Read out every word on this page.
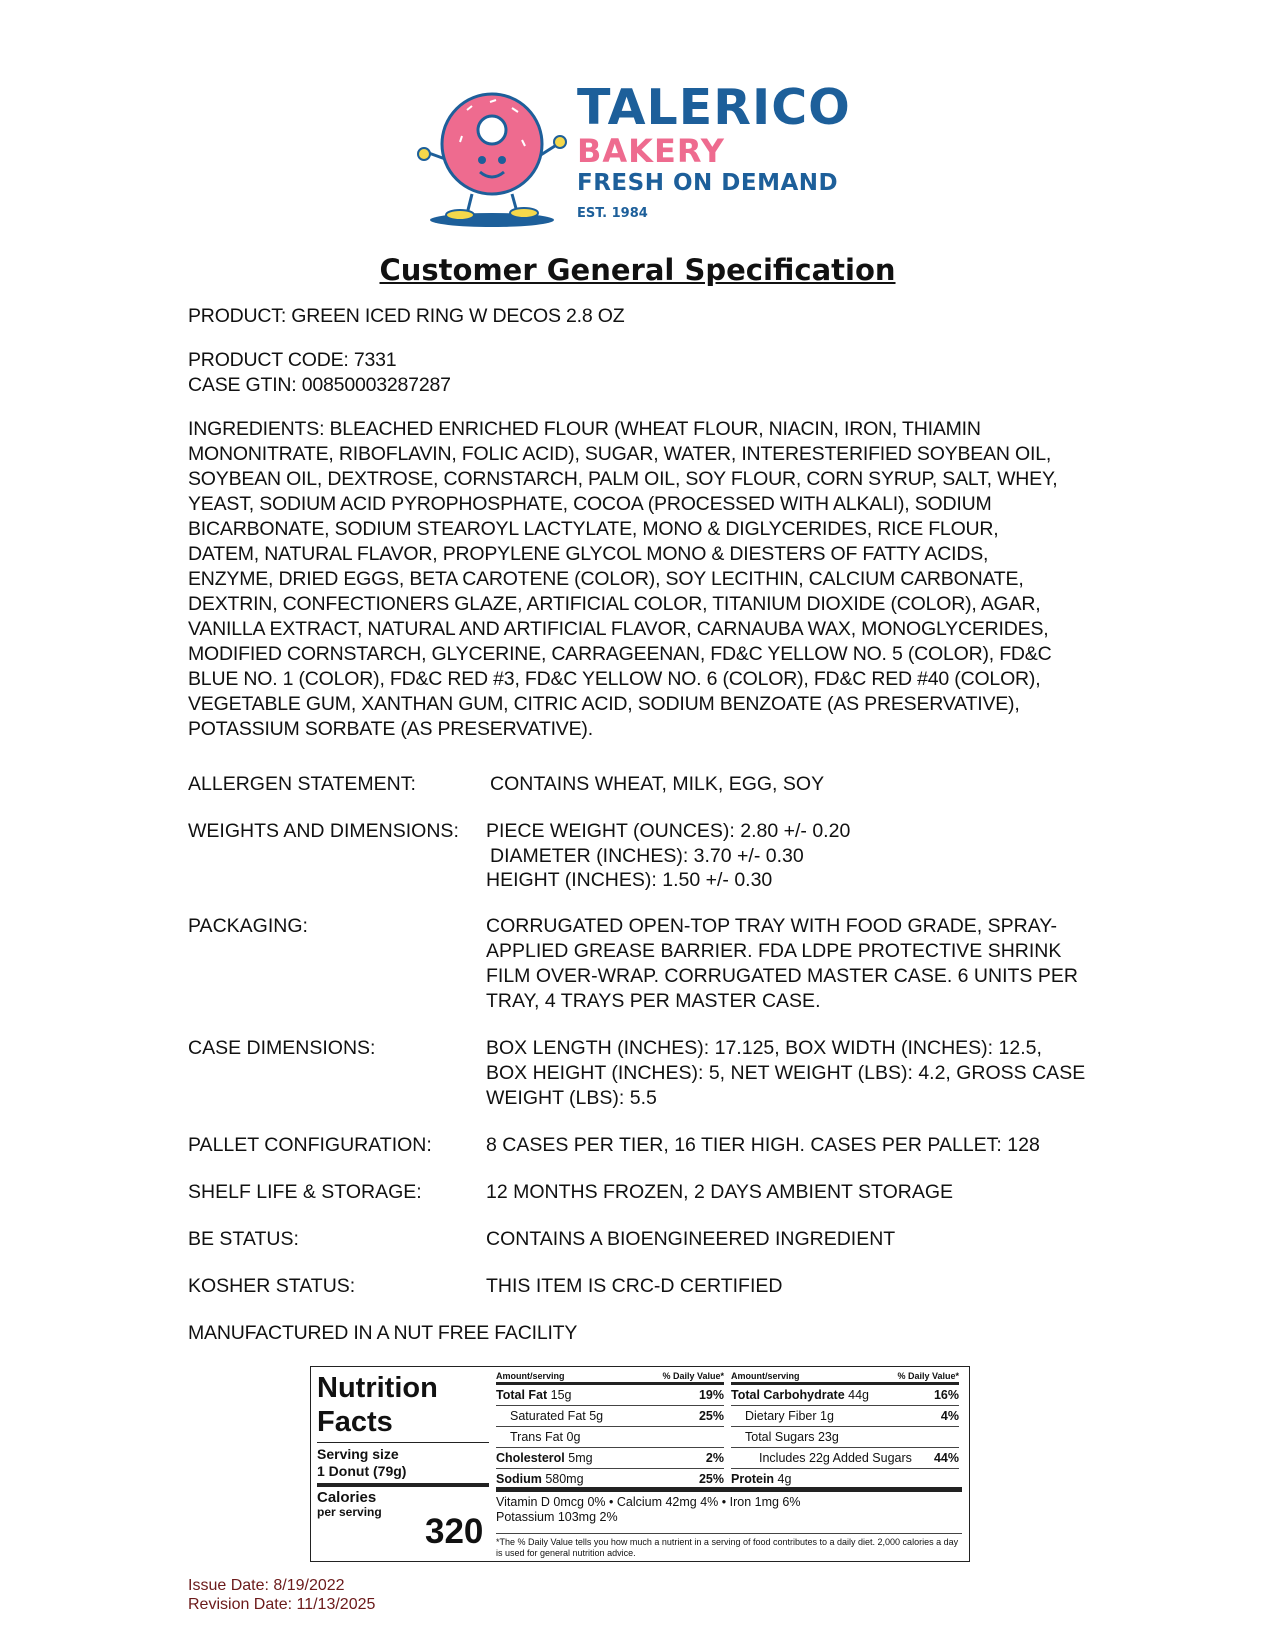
TALERICO
BAKERY
FRESH ON DEMAND
EST. 1984
Customer General Specification
PRODUCT: GREEN ICED RING W DECOS 2.8 OZ
PRODUCT CODE: 7331
CASE GTIN: 00850003287287
INGREDIENTS: BLEACHED ENRICHED FLOUR (WHEAT FLOUR, NIACIN, IRON, THIAMIN MONONITRATE, RIBOFLAVIN, FOLIC ACID), SUGAR, WATER, INTERESTERIFIED SOYBEAN OIL, SOYBEAN OIL, DEXTROSE, CORNSTARCH, PALM OIL, SOY FLOUR, CORN SYRUP, SALT, WHEY, YEAST, SODIUM ACID PYROPHOSPHATE, COCOA (PROCESSED WITH ALKALI), SODIUM BICARBONATE, SODIUM STEAROYL LACTYLATE, MONO & DIGLYCERIDES, RICE FLOUR, DATEM, NATURAL FLAVOR, PROPYLENE GLYCOL MONO & DIESTERS OF FATTY ACIDS, ENZYME, DRIED EGGS, BETA CAROTENE (COLOR), SOY LECITHIN, CALCIUM CARBONATE, DEXTRIN, CONFECTIONERS GLAZE, ARTIFICIAL COLOR, TITANIUM DIOXIDE (COLOR), AGAR, VANILLA EXTRACT, NATURAL AND ARTIFICIAL FLAVOR, CARNAUBA WAX, MONOGLYCERIDES, MODIFIED CORNSTARCH, GLYCERINE, CARRAGEENAN, FD&C YELLOW NO. 5 (COLOR), FD&C BLUE NO. 1 (COLOR), FD&C RED #3, FD&C YELLOW NO. 6 (COLOR), FD&C RED #40 (COLOR), VEGETABLE GUM, XANTHAN GUM, CITRIC ACID, SODIUM BENZOATE (AS PRESERVATIVE), POTASSIUM SORBATE (AS PRESERVATIVE).
ALLERGEN STATEMENT:	CONTAINS WHEAT, MILK, EGG, SOY
WEIGHTS AND DIMENSIONS: PIECE WEIGHT (OUNCES): 2.80 +/- 0.20
DIAMETER (INCHES): 3.70 +/- 0.30
HEIGHT (INCHES): 1.50 +/- 0.30
PACKAGING:	CORRUGATED OPEN-TOP TRAY WITH FOOD GRADE, SPRAY-APPLIED GREASE BARRIER. FDA LDPE PROTECTIVE SHRINK FILM OVER-WRAP. CORRUGATED MASTER CASE. 6 UNITS PER TRAY, 4 TRAYS PER MASTER CASE.
CASE DIMENSIONS:	BOX LENGTH (INCHES): 17.125, BOX WIDTH (INCHES): 12.5, BOX HEIGHT (INCHES): 5, NET WEIGHT (LBS): 4.2, GROSS CASE WEIGHT (LBS): 5.5
PALLET CONFIGURATION:	8 CASES PER TIER, 16 TIER HIGH. CASES PER PALLET: 128
SHELF LIFE & STORAGE:	12 MONTHS FROZEN, 2 DAYS AMBIENT STORAGE
BE STATUS:	CONTAINS A BIOENGINEERED INGREDIENT
KOSHER STATUS:	THIS ITEM IS CRC-D CERTIFIED
MANUFACTURED IN A NUT FREE FACILITY
Nutrition
Facts
Serving size
1 Donut (79g)
Calories
per serving	320
Amount/serving	% Daily Value*
Total Fat 15g	19%
Saturated Fat 5g	25%
Trans Fat 0g
Cholesterol 5mg	2%
Sodium 580mg	25%
Amount/serving	% Daily Value*
Total Carbohydrate 44g	16%
Dietary Fiber 1g	4%
Total Sugars 23g
Includes 22g Added Sugars 44%
Protein 4g
Vitamin D 0mcg 0% • Calcium 42mg 4% • Iron 1mg 6%
Potassium 103mg 2%
*The % Daily Value tells you how much a nutrient in a serving of food contributes to a daily diet. 2,000 calories a day is used for general nutrition advice.
Issue Date: 8/19/2022
Revision Date: 11/13/2025
